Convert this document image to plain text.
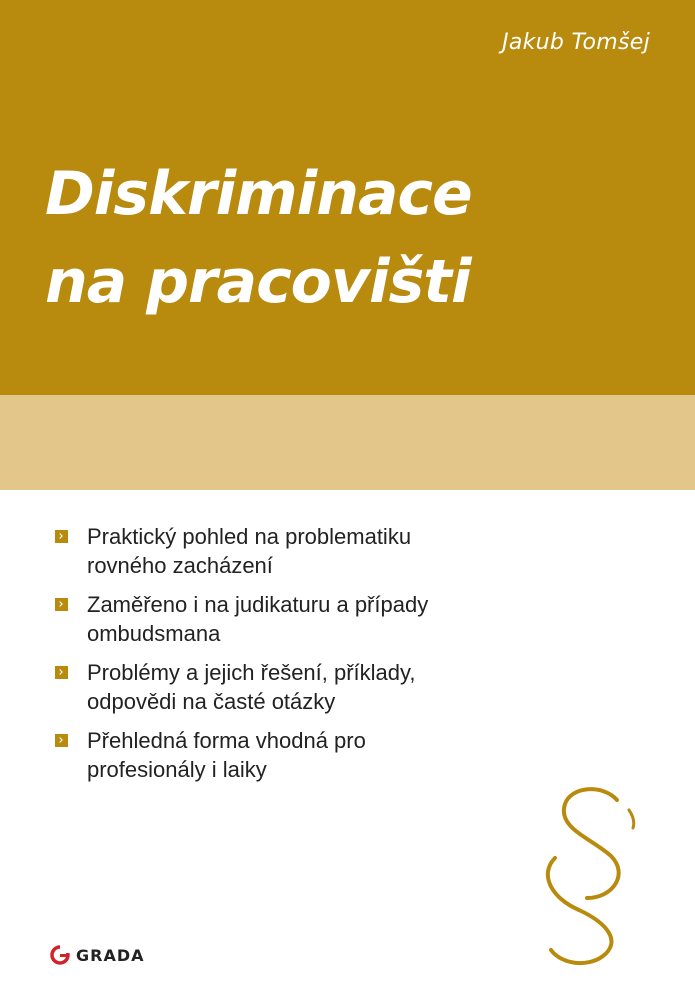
Jakub Tomšej
Diskriminace
na pracovišti
Praktický pohled na problematiku
rovného zacházení
Zaměřeno i na judikaturu a případy
ombudsmana
Problémy a jejich řešení, příklady,
odpovědi na časté otázky
Přehledná forma vhodná pro
profesionály i laiky
GRADA
